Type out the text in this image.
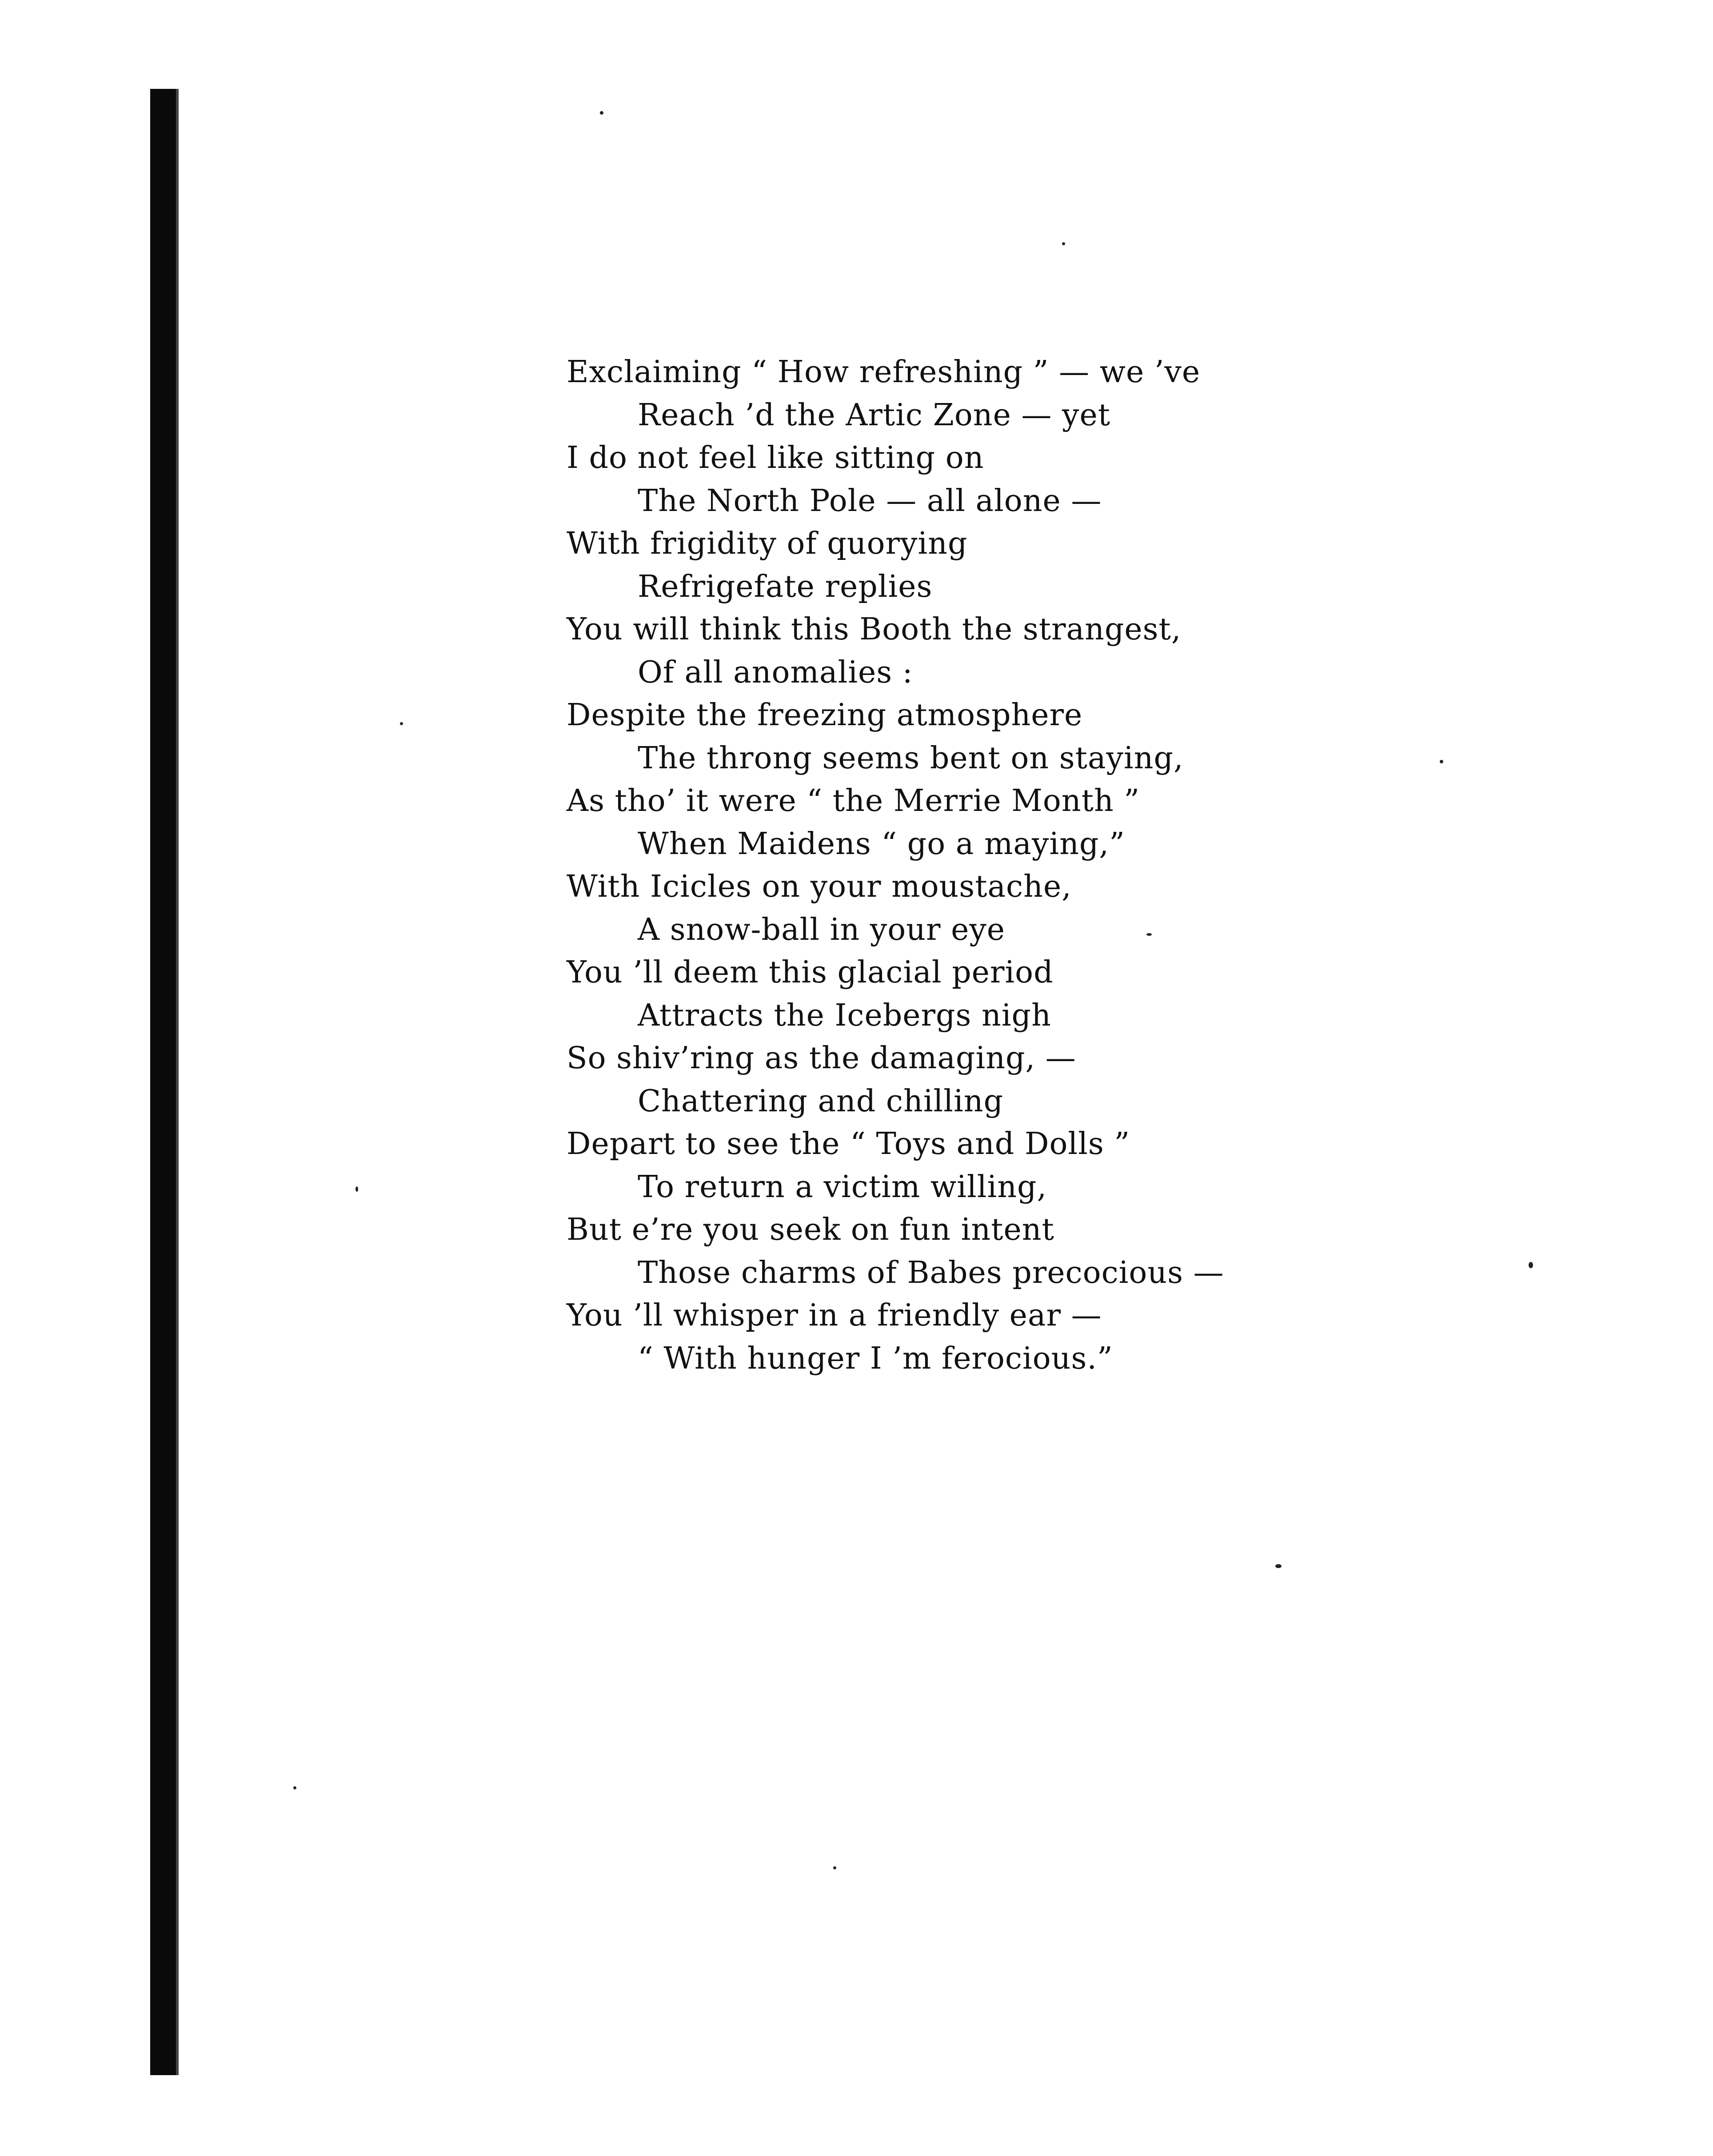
Exclaiming “ How refreshing ” — we ’ve
Reach ’d the Artic Zone — yet
I do not feel like sitting on
The North Pole — all alone —
With frigidity of quorying
Refrigefate replies
You will think this Booth the strangest,
Of all anomalies :
Despite the freezing atmosphere
The throng seems bent on staying,
As tho’ it were “ the Merrie Month ”
When Maidens “ go a maying,”
With Icicles on your moustache,
A snow-ball in your eye
You ’ll deem this glacial period
Attracts the Icebergs nigh
So shiv’ring as the damaging, —
Chattering and chilling
Depart to see the “ Toys and Dolls ”
To return a victim willing,
But e’re you seek on fun intent
Those charms of Babes precocious —
You ’ll whisper in a friendly ear —
“ With hunger I ’m ferocious.”
